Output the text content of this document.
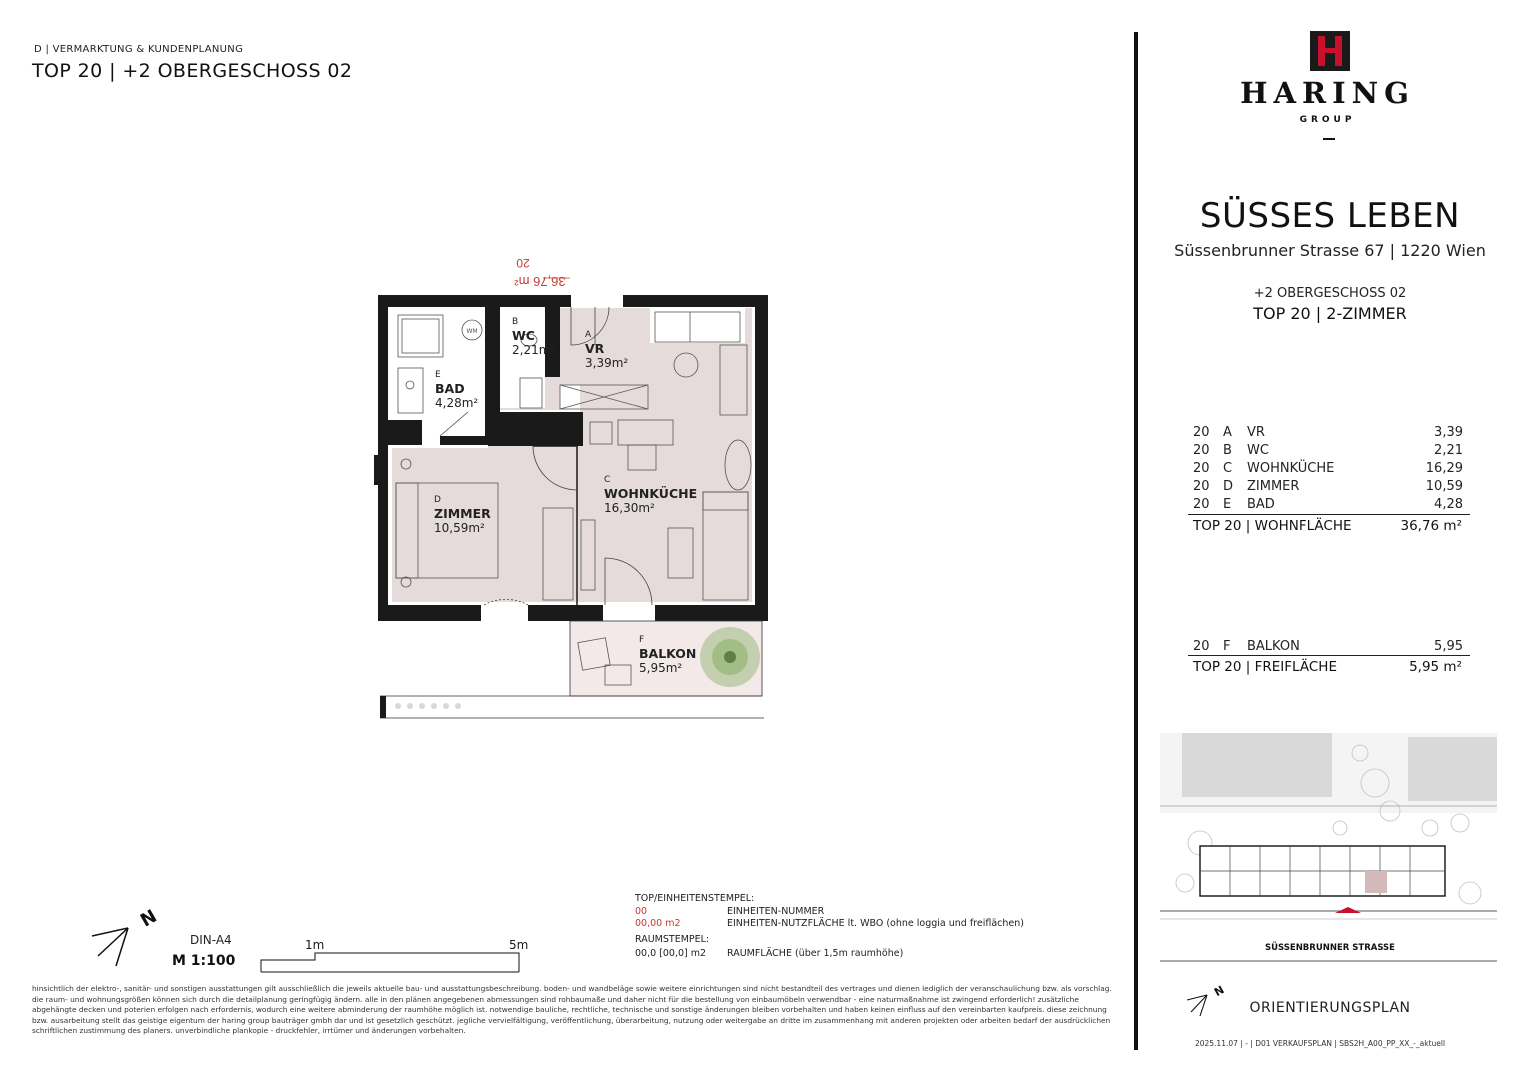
D | VERMARKTUNG & KUNDENPLANUNG
TOP 20 | +2 OBERGESCHOSS 02
HARING
GROUP
SÜSSES LEBEN
Süssenbrunner Strasse 67 | 1220 Wien
+2 OBERGESCHOSS 02
TOP 20 | 2-ZIMMER
20	A	VR	3,39
20	B	WC	2,21
20	C	WOHNKÜCHE	16,29
20	D	ZIMMER	10,59
20	E	BAD	4,28
TOP 20 | WOHNFLÄCHE	36,76 m²
20	F	BALKON	5,95
TOP 20 | FREIFLÄCHE	5,95 m²
36,76 m²
20
WM
B
WC
2,21m²
A
VR
3,39m²
E
BAD
4,28m²
C
WOHNKÜCHE
16,30m²
D
ZIMMER
10,59m²
F
BALKON
5,95m²
N
DIN-A4
M 1:100
1m	5m
TOP/EINHEITENSTEMPEL:
00	EINHEITEN-NUMMER
00,00 m2	EINHEITEN-NUTZFLÄCHE lt. WBO (ohne loggia und freiflächen)
RAUMSTEMPEL:
00,0 [00,0] m2	RAUMFLÄCHE (über 1,5m raumhöhe)	SÜSSENBRUNNER STRASSE
N
ORIENTIERUNGSPLAN
hinsichtlich der elektro-, sanitär- und sonstigen ausstattungen gilt ausschließlich die jeweils aktuelle bau- und ausstattungsbeschreibung. boden- und wandbeläge sowie weitere einrichtungen sind nicht bestandteil des vertrages und dienen lediglich der veranschaulichung bzw. als vorschlag. die raum- und wohnungsgrößen können sich durch die detailplanung geringfügig ändern. alle in den plänen angegebenen abmessungen sind rohbaumaße und daher nicht für die bestellung von einbaumöbeln verwendbar - eine naturmaßnahme ist zwingend erforderlich! zusätzliche abgehängte decken und poterien erfolgen nach erfordernis, wodurch eine weitere abminderung der raumhöhe möglich ist. notwendige bauliche, rechtliche, technische und sonstige änderungen bleiben vorbehalten und haben keinen einfluss auf den vereinbarten kaufpreis. diese zeichnung bzw. ausarbeitung stellt das geistige eigentum der haring group bauträger gmbh dar und ist gesetzlich geschützt. jegliche vervielfältigung, veröffentlichung, überarbeitung, nutzung oder weitergabe an dritte im zusammenhang mit anderen projekten oder arbeiten bedarf der ausdrücklichen schriftlichen zustimmung des planers. unverbindliche plankopie - druckfehler, irrtümer und änderungen vorbehalten.
2025.11.07 | - | D01 VERKAUFSPLAN | SBS2H_A00_PP_XX_-_aktuell
